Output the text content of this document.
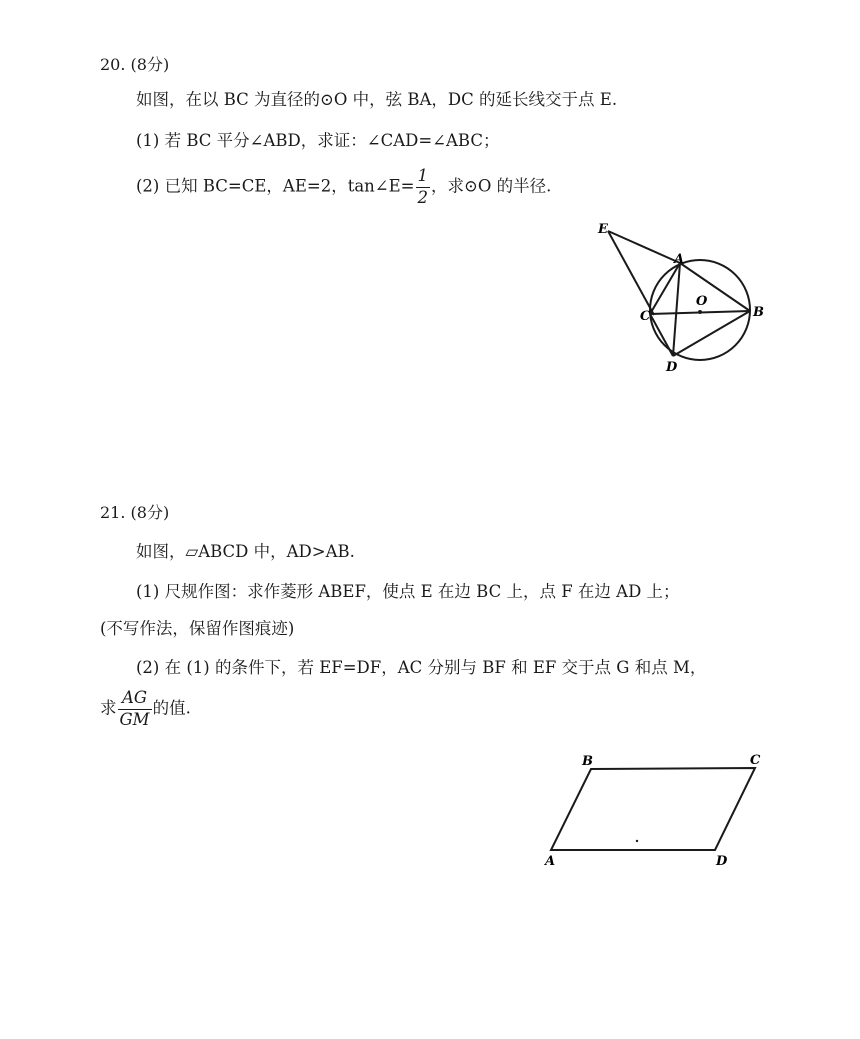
20. (8分)
如图，在以 BC 为直径的⊙O 中，弦 BA，DC 的延长线交于点 E.
(1) 若 BC 平分∠ABD，求证：∠CAD=∠ABC；
(2) 已知 BC=CE，AE=2，tan∠E= $\frac{1}{2}$ ，求⊙O 的半径.
E
A
O
B
C
D
21. (8分)
如图，▱ABCD 中，AD>AB.
(1) 尺规作图：求作菱形 ABEF，使点 E 在边 BC 上，点 F 在边 AD 上；
(不写作法，保留作图痕迹)
(2) 在 (1) 的条件下，若 EF=DF，AC 分别与 BF 和 EF 交于点 G 和点 M，
求 $\frac{AG}{GM}$ 的值.
B	C
A	D
